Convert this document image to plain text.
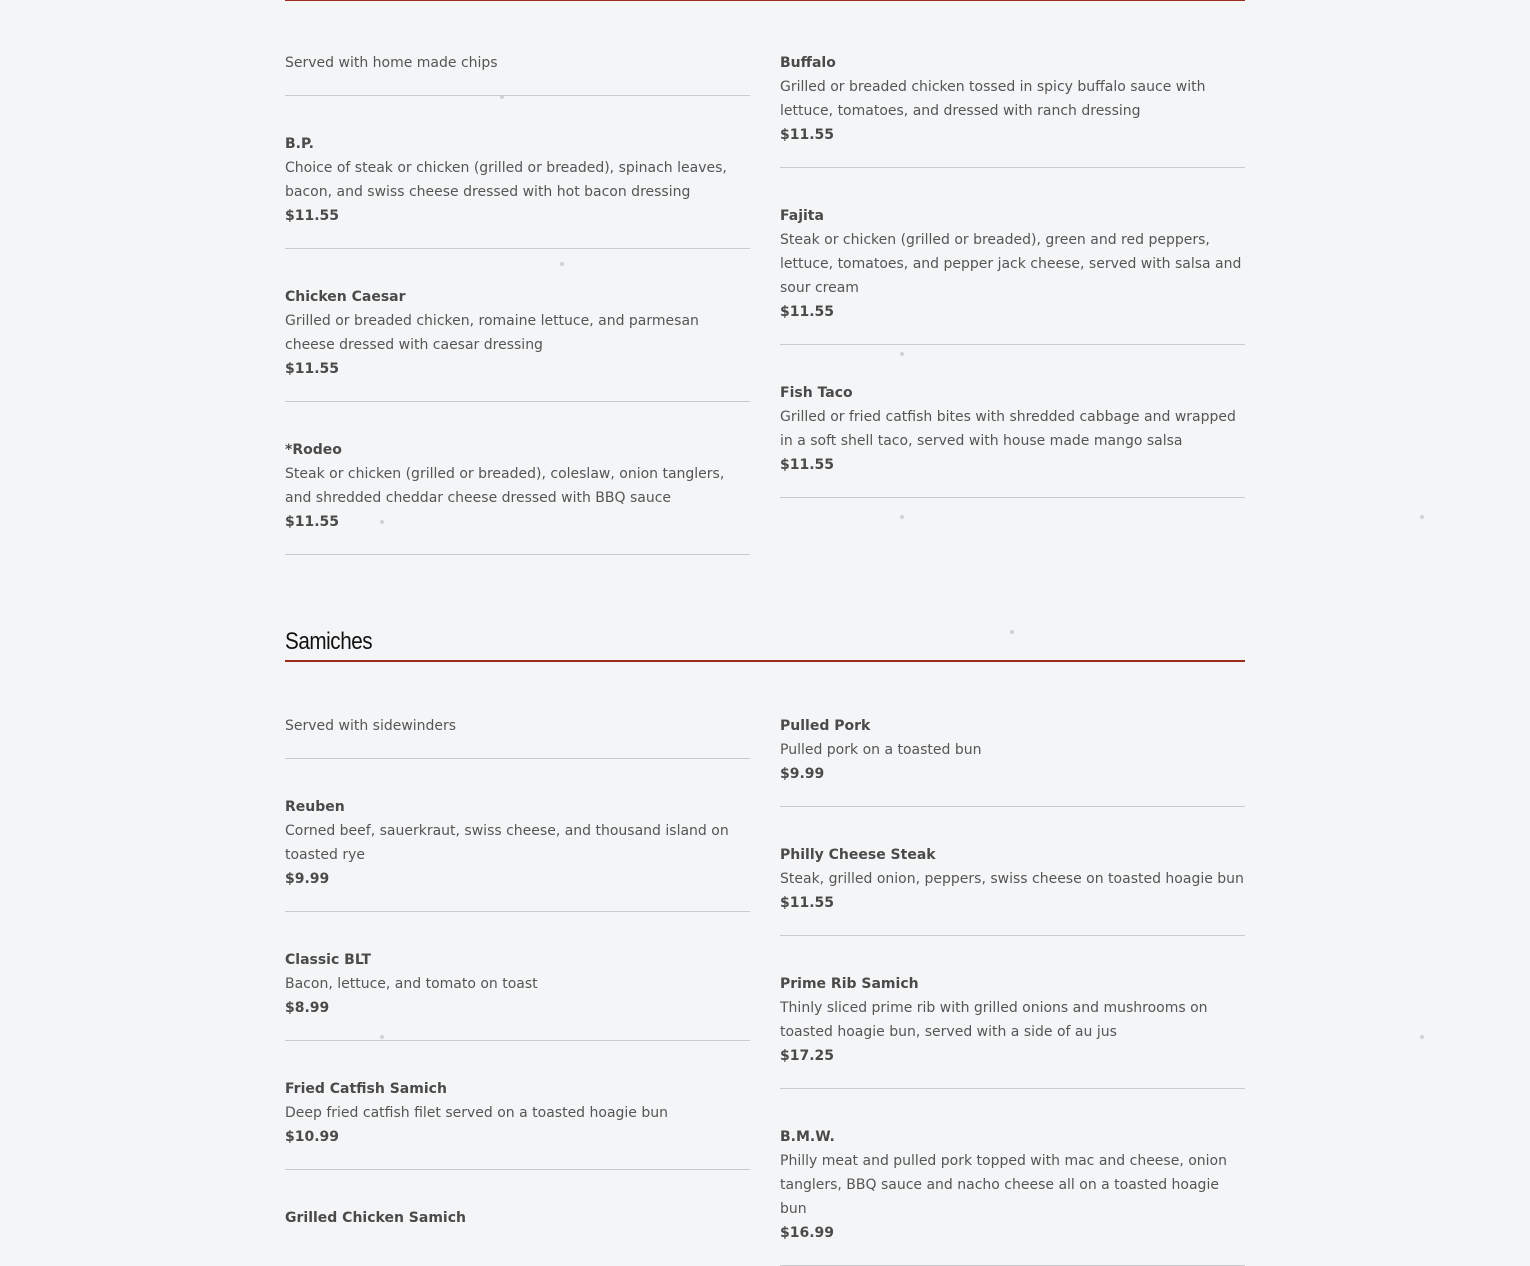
Served with home made chips
B.P.
Choice of steak or chicken (grilled or breaded), spinach leaves, bacon, and swiss cheese dressed with hot bacon dressing
$11.55
Chicken Caesar
Grilled or breaded chicken, romaine lettuce, and parmesan cheese dressed with caesar dressing
$11.55
*Rodeo
Steak or chicken (grilled or breaded), coleslaw, onion tanglers, and shredded cheddar cheese dressed with BBQ sauce
$11.55
Buffalo
Grilled or breaded chicken tossed in spicy buffalo sauce with lettuce, tomatoes, and dressed with ranch dressing
$11.55
Fajita
Steak or chicken (grilled or breaded), green and red peppers, lettuce, tomatoes, and pepper jack cheese, served with salsa and sour cream
$11.55
Fish Taco
Grilled or fried catfish bites with shredded cabbage and wrapped in a soft shell taco, served with house made mango salsa
$11.55
Samiches
Served with sidewinders
Reuben
Corned beef, sauerkraut, swiss cheese, and thousand island on toasted rye
$9.99
Classic BLT
Bacon, lettuce, and tomato on toast
$8.99
Fried Catfish Samich
Deep fried catfish filet served on a toasted hoagie bun
$10.99
Grilled Chicken Samich
Pulled Pork
Pulled pork on a toasted bun
$9.99
Philly Cheese Steak
Steak, grilled onion, peppers, swiss cheese on toasted hoagie bun
$11.55
Prime Rib Samich
Thinly sliced prime rib with grilled onions and mushrooms on toasted hoagie bun, served with a side of au jus
$17.25
B.M.W.
Philly meat and pulled pork topped with mac and cheese, onion tanglers, BBQ sauce and nacho cheese all on a toasted hoagie bun
$16.99
